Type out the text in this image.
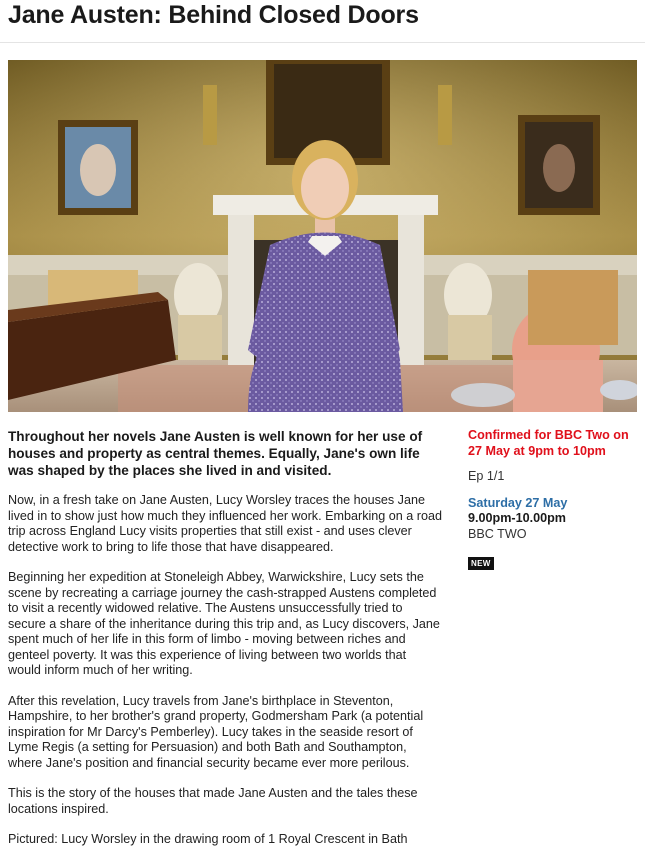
Jane Austen: Behind Closed Doors

Throughout her novels Jane Austen is well known for her use of houses and property as central themes. Equally, Jane's own life was shaped by the places she lived in and visited.

Now, in a fresh take on Jane Austen, Lucy Worsley traces the houses Jane lived in to show just how much they influenced her work. Embarking on a road trip across England Lucy visits properties that still exist - and uses clever detective work to bring to life those that have disappeared.

Beginning her expedition at Stoneleigh Abbey, Warwickshire, Lucy sets the scene by recreating a carriage journey the cash-strapped Austens completed to visit a recently widowed relative. The Austens unsuccessfully tried to secure a share of the inheritance during this trip and, as Lucy discovers, Jane spent much of her life in this form of limbo - moving between riches and genteel poverty. It was this experience of living between two worlds that would inform much of her writing.

After this revelation, Lucy travels from Jane's birthplace in Steventon, Hampshire, to her brother's grand property, Godmersham Park (a potential inspiration for Mr Darcy's Pemberley). Lucy takes in the seaside resort of Lyme Regis (a setting for Persuasion) and both Bath and Southampton, where Jane's position and financial security became ever more perilous.

This is the story of the houses that made Jane Austen and the tales these locations inspired.

Pictured: Lucy Worsley in the drawing room of 1 Royal Crescent in Bath

Confirmed for BBC Two on 27 May at 9pm to 10pm
Ep 1/1
Saturday 27 May
9.00pm-10.00pm
BBC TWO
NEW
